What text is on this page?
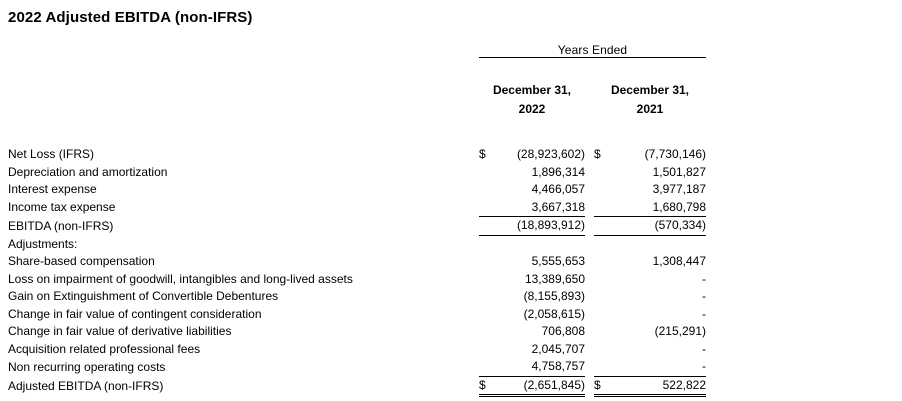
2022 Adjusted EBITDA (non-IFRS)
	Years Ended				

December 31,
2022

December 31,
2021

Net Loss (IFRS)	$	(28,923,602)		$	(7,730,146)
Depreciation and amortization		1,896,314			1,501,827
Interest expense		4,466,057			3,977,187
Income tax expense		3,667,318			1,680,798
EBITDA (non-IFRS)		(18,893,912)			(570,334)
Adjustments:					
Share-based compensation		5,555,653			1,308,447
Loss on impairment of goodwill, intangibles and long-lived assets		13,389,650			-
Gain on Extinguishment of Convertible Debentures		(8,155,893)			-
Change in fair value of contingent consideration		(2,058,615)			-
Change in fair value of derivative liabilities		706,808			(215,291)
Acquisition related professional fees		2,045,707			-
Non recurring operating costs		4,758,757			-
Adjusted EBITDA (non-IFRS)	$	(2,651,845)		$	522,822
